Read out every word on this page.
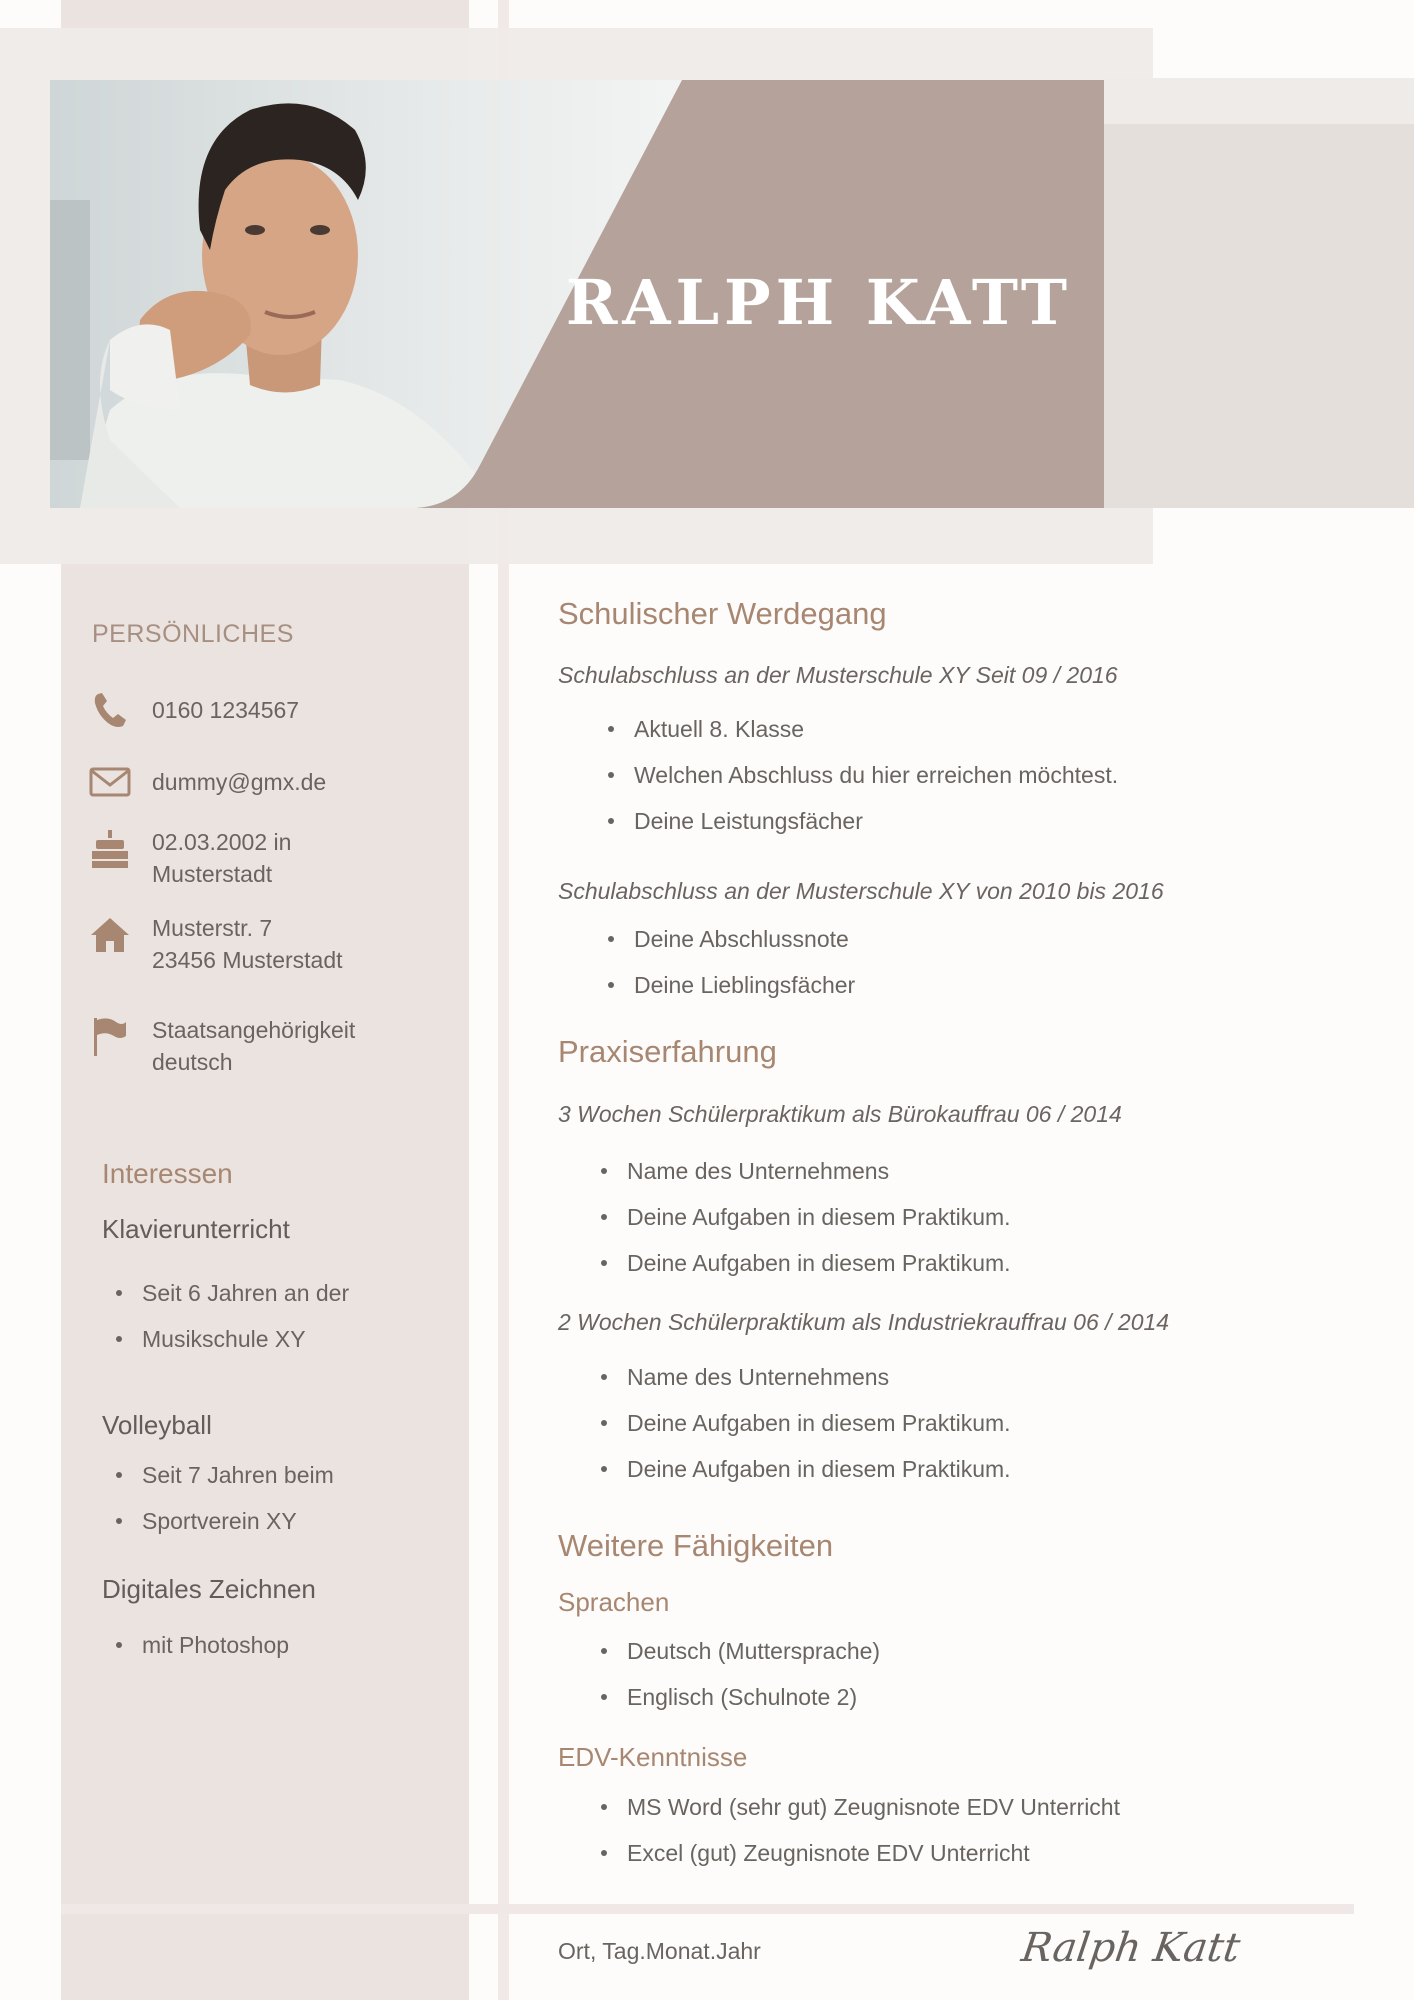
RALPH KATT
PERSÖNLICHES
0160 1234567
dummy@gmx.de
02.03.2002 in
Musterstadt
Musterstr. 7
23456 Musterstadt
Staatsangehörigkeit
deutsch
Interessen
Klavierunterricht
Seit 6 Jahren an der
Musikschule XY
Volleyball
Seit 7 Jahren beim
Sportverein XY
Digitales Zeichnen
mit Photoshop
Schulischer Werdegang
Schulabschluss an der Musterschule XY Seit 09 / 2016
Aktuell 8. Klasse
Welchen Abschluss du hier erreichen möchtest.
Deine Leistungsfächer
Schulabschluss an der Musterschule XY von 2010 bis 2016
Deine Abschlussnote
Deine Lieblingsfächer
Praxiserfahrung
3 Wochen Schülerpraktikum als Bürokauffrau 06 / 2014
Name des Unternehmens
Deine Aufgaben in diesem Praktikum.
Deine Aufgaben in diesem Praktikum.
2 Wochen Schülerpraktikum als Industriekrauffrau 06 / 2014
Name des Unternehmens
Deine Aufgaben in diesem Praktikum.
Deine Aufgaben in diesem Praktikum.
Weitere Fähigkeiten
Sprachen
Deutsch (Muttersprache)
Englisch (Schulnote 2)
EDV-Kenntnisse
MS Word (sehr gut) Zeugnisnote EDV Unterricht
Excel (gut) Zeugnisnote EDV Unterricht
Ort, Tag.Monat.Jahr	Ralph Katt
